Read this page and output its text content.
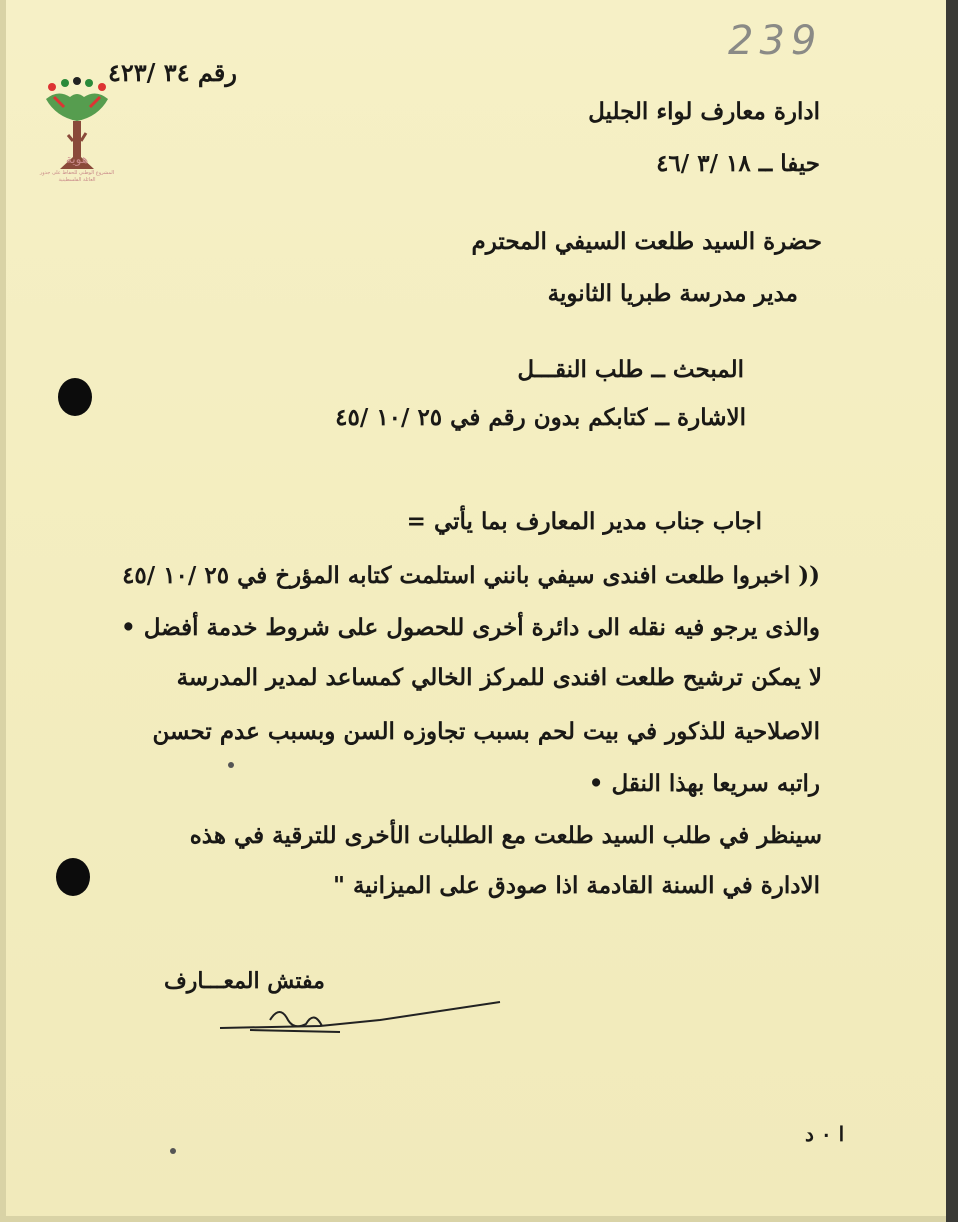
239
هوية
المشروع الوطني للحفاظ على جذور العائلة الفلسطينية
رقم ٣٤ /٤٢٣
ادارة معارف لواء الجليل
حيفا ــ ١٨ /٣ /٤٦
حضرة السيد طلعت السيفي المحترم
مدير مدرسة طبريا الثانوية
المبحث ــ طلب النقـــل
الاشارة ــ كتابكم بدون رقم في ٢٥ /١٠ /٤٥
اجاب جناب مدير المعارف بما يأتي =
(( اخبروا طلعت افندى سيفي بانني استلمت كتابه المؤرخ في ٢٥ /١٠ /٤٥
والذى يرجو فيه نقله الى دائرة أخرى للحصول على شروط خدمة أفضل •
لا يمكن ترشيح طلعت افندى للمركز الخالي كمساعد لمدير المدرسة
الاصلاحية للذكور في بيت لحم بسبب تجاوزه السن وبسبب عدم تحسن
راتبه سريعا بهذا النقل •
سينظر في طلب السيد طلعت مع الطلبات الأخرى للترقية في هذه
الادارة في السنة القادمة اذا صودق على الميزانية "
مفتش المعـــارف
ا ٠ د
